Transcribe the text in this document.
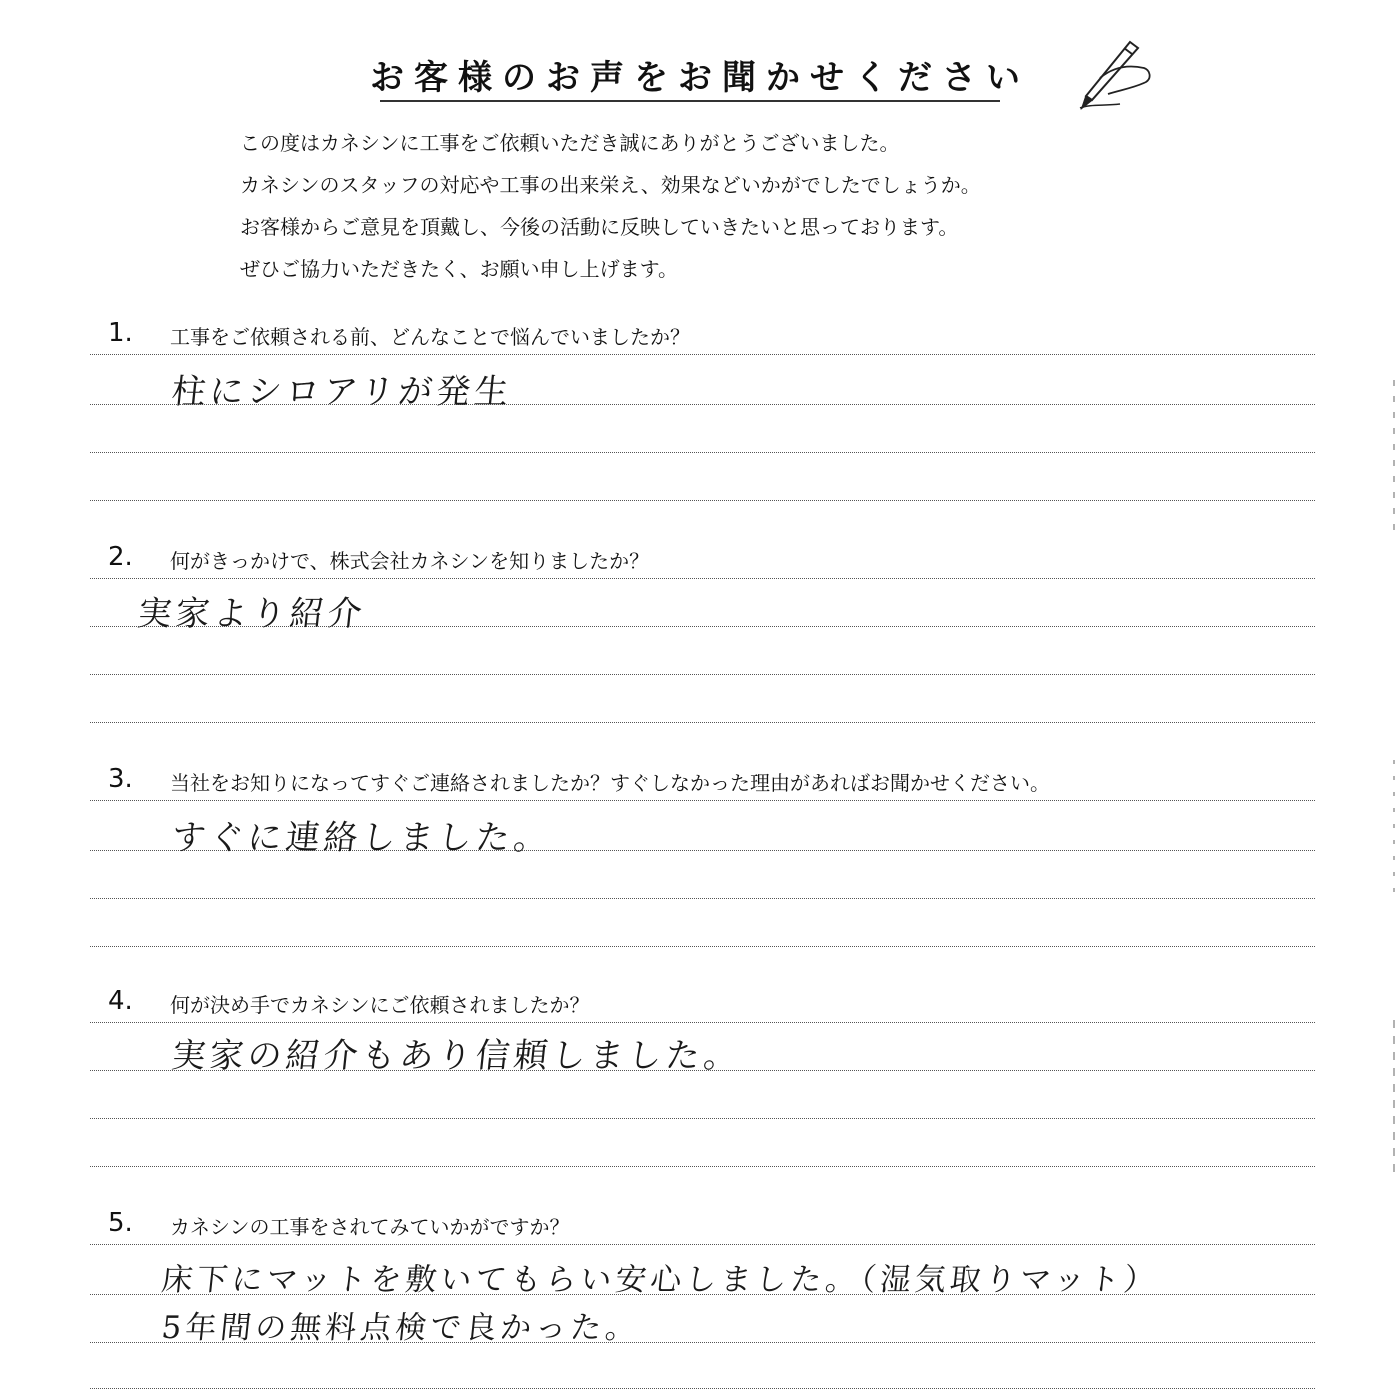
お客様のお声をお聞かせください

この度はカネシンに工事をご依頼いただき誠にありがとうございました。

カネシンのスタッフの対応や工事の出来栄え、効果などいかがでしたでしょうか。

お客様からご意見を頂戴し、今後の活動に反映していきたいと思っております。

ぜひご協力いただきたく、お願い申し上げます。

1. 工事をご依頼される前、どんなことで悩んでいましたか？
柱にシロアリが発生
2. 何がきっかけで、株式会社カネシンを知りましたか？
実家より紹介
3. 当社をお知りになってすぐご連絡されましたか？すぐしなかった理由があればお聞かせください。
すぐに連絡しました。
4. 何が決め手でカネシンにご依頼されましたか？
実家の紹介もあり信頼しました。
5. カネシンの工事をされてみていかがですか？
床下にマットを敷いてもらい安心しました。（湿気取りマット）
5年間の無料点検で良かった。
